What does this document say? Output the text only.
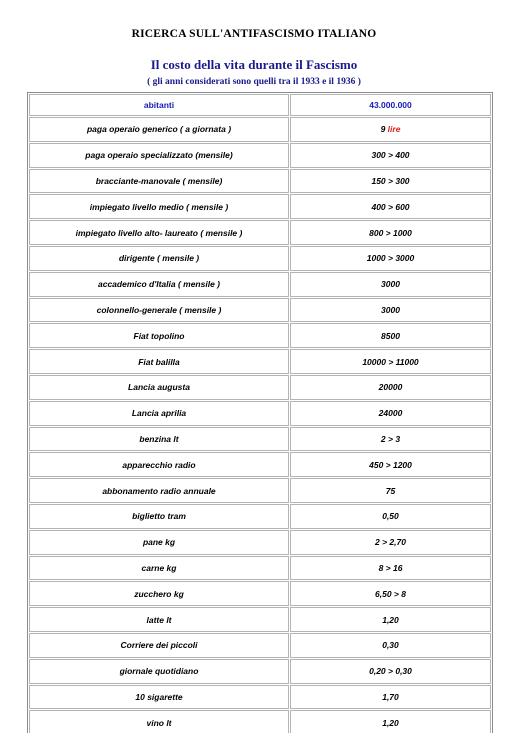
RICERCA SULL'ANTIFASCISMO ITALIANO
Il costo della vita durante il Fascismo
( gli anni considerati sono quelli tra il 1933 e il 1936 )
abitanti	43.000.000
paga operaio generico ( a giornata )	9 lire
paga operaio specializzato (mensile)	300 > 400
bracciante-manovale ( mensile)	150 > 300
impiegato livello medio ( mensile )	400 > 600
impiegato livello alto- laureato ( mensile )	800 > 1000
dirigente ( mensile )	1000 > 3000
accademico d'Italia ( mensile )	3000
colonnello-generale ( mensile )	3000
Fiat topolino	8500
Fiat balilla	10000 > 11000
Lancia augusta	20000
Lancia aprilia	24000
benzina lt	2 > 3
apparecchio radio	450 > 1200
abbonamento radio annuale	75
biglietto tram	0,50
pane kg	2 > 2,70
carne kg	8 > 16
zucchero kg	6,50 > 8
latte lt	1,20
Corriere dei piccoli	0,30
giornale quotidiano	0,20 > 0,30
10 sigarette	1,70
vino lt	1,20
